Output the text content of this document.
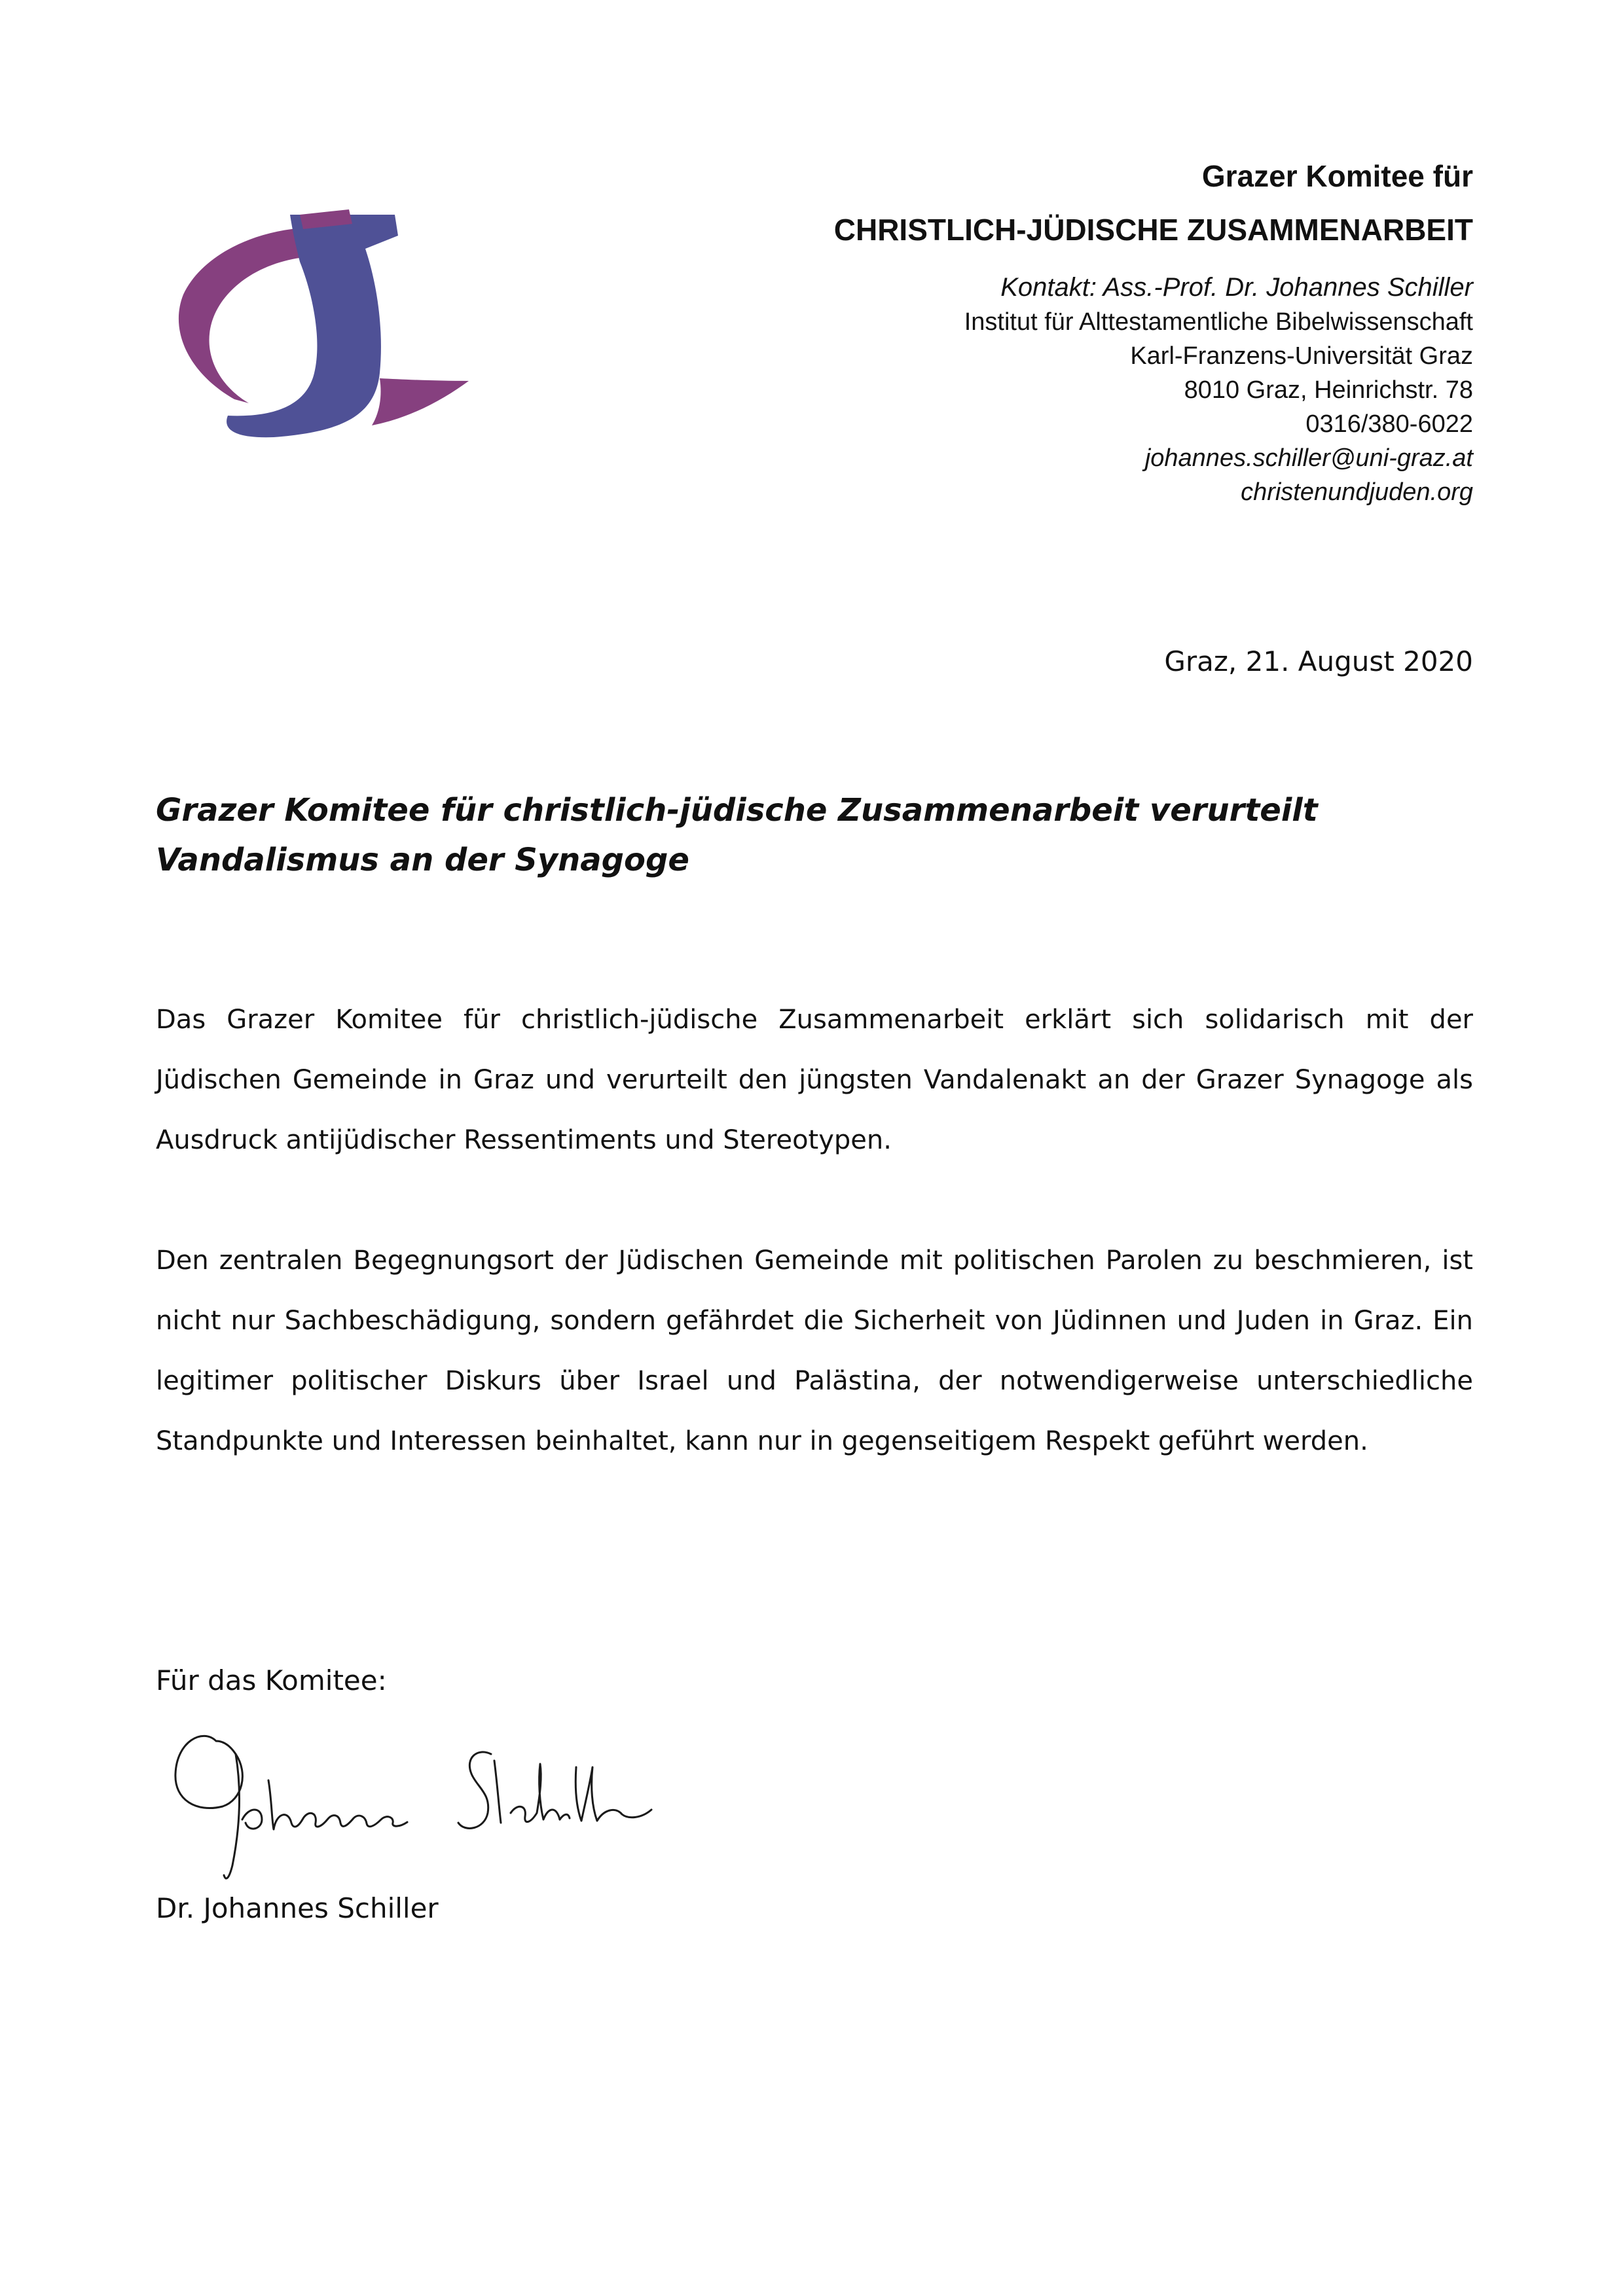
Grazer Komitee für
CHRISTLICH-JÜDISCHE ZUSAMMENARBEIT
Kontakt: Ass.-Prof. Dr. Johannes Schiller
Institut für Alttestamentliche Bibelwissenschaft
Karl-Franzens-Universität Graz
8010 Graz, Heinrichstr. 78
0316/380-6022
johannes.schiller@uni-graz.at
christenundjuden.org
Graz, 21. August 2020
Grazer Komitee für christlich-jüdische Zusammenarbeit verurteilt
Vandalismus an der Synagoge

Das Grazer Komitee für christlich-jüdische Zusammenarbeit erklärt sich solidarisch mit der Jüdischen Gemeinde in Graz und verurteilt den jüngsten Vandalenakt an der Grazer Synagoge als Ausdruck antijüdischer Ressentiments und Stereotypen.

Den zentralen Begegnungsort der Jüdischen Gemeinde mit politischen Parolen zu beschmieren, ist nicht nur Sachbeschädigung, sondern gefährdet die Sicherheit von Jüdinnen und Juden in Graz. Ein legitimer politischer Diskurs über Israel und Palästina, der notwendigerweise unterschiedliche Standpunkte und Interessen beinhaltet, kann nur in gegenseitigem Respekt geführt werden.

Für das Komitee:
Dr. Johannes Schiller
